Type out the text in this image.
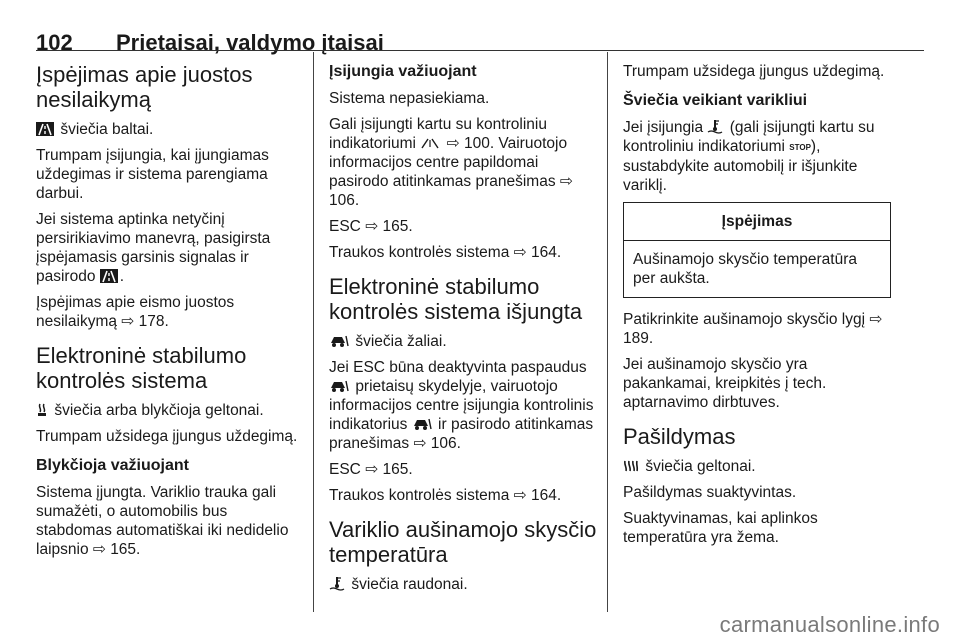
102 Prietaisai, valdymo įtaisai
Įspėjimas apie juostos nesilaikymą

šviečia baltai.

Trumpam įsijungia, kai įjungiamas uždegimas ir sistema parengiama darbui.

Jei sistema aptinka netyčinį persirikiavimo manevrą, pasigirsta įspėjamasis garsinis signalas ir pasirodo .

Įspėjimas apie eismo juostos nesilaikymą ⇨ 178.

Elektroninė stabilumo kontrolės sistema

šviečia arba blykčioja geltonai.

Trumpam užsidega įjungus uždegimą.

Blykčioja važiuojant

Sistema įjungta. Variklio trauka gali sumažėti, o automobilis bus stabdomas automatiškai iki nedidelio laipsnio ⇨ 165.

Įsijungia važiuojant

Sistema nepasiekiama.

Gali įsijungti kartu su kontroliniu indikatoriumi ⇨ 100. Vairuotojo informacijos centre papildomai pasirodo atitinkamas pranešimas ⇨ 106.

ESC ⇨ 165.

Traukos kontrolės sistema ⇨ 164.

Elektroninė stabilumo kontrolės sistema išjungta

šviečia žaliai.

Jei ESC būna deaktyvinta paspaudus  prietaisų skydelyje, vairuotojo informacijos centre įsijungia kontrolinis indikatorius ir pasirodo atitinkamas pranešimas ⇨ 106.

ESC ⇨ 165.

Traukos kontrolės sistema ⇨ 164.

Variklio aušinamojo skysčio temperatūra

šviečia raudonai.

Trumpam užsidega įjungus uždegimą.

Šviečia veikiant varikliui

Jei įsijungia (gali įsijungti kartu su kontroliniu indikatoriumi STOP), sustabdykite automobilį ir išjunkite variklį.

Įspėjimas
Aušinamojo skysčio temperatūra per aukšta.

Patikrinkite aušinamojo skysčio lygį ⇨ 189.

Jei aušinamojo skysčio yra pakankamai, kreipkitės į tech. aptarnavimo dirbtuves.

Pašildymas

šviečia geltonai.

Pašildymas suaktyvintas.

Suaktyvinamas, kai aplinkos temperatūra yra žema.

carmanualsonline.info
